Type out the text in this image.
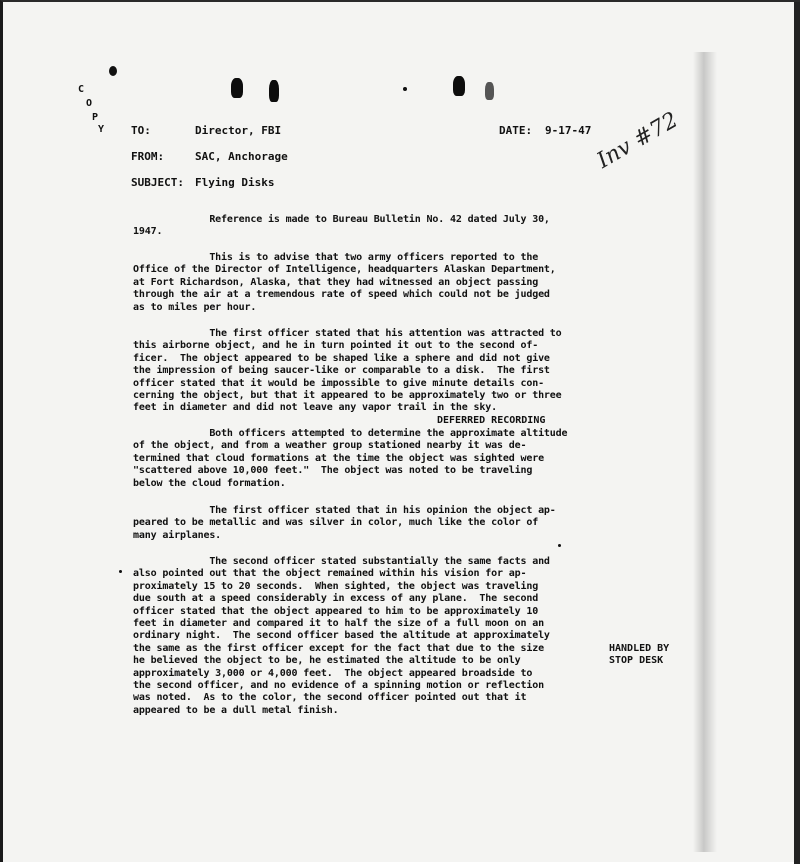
C
O
P
Y TO:	Director, FBI	DATE: 9-17-47
FROM:	SAC, Anchorage
SUBJECT: Flying Disks
Inv #72
Reference is made to Bureau Bulletin No. 42 dated July 30,
1947.
This is to advise that two army officers reported to the
Office of the Director of Intelligence, headquarters Alaskan Department,
at Fort Richardson, Alaska, that they had witnessed an object passing
through the air at a tremendous rate of speed which could not be judged
as to miles per hour.
The first officer stated that his attention was attracted to
this airborne object, and he in turn pointed it out to the second of-
ficer.  The object appeared to be shaped like a sphere and did not give
the impression of being saucer-like or comparable to a disk.  The first
officer stated that it would be impossible to give minute details con-
cerning the object, but that it appeared to be approximately two or three
feet in diameter and did not leave any vapor trail in the sky.
DEFERRED RECORDING
Both officers attempted to determine the approximate altitude
of the object, and from a weather group stationed nearby it was de-
termined that cloud formations at the time the object was sighted were
"scattered above 10,000 feet."  The object was noted to be traveling
below the cloud formation.
The first officer stated that in his opinion the object ap-
peared to be metallic and was silver in color, much like the color of
many airplanes.
The second officer stated substantially the same facts and
also pointed out that the object remained within his vision for ap-
proximately 15 to 20 seconds.  When sighted, the object was traveling
due south at a speed considerably in excess of any plane.  The second
officer stated that the object appeared to him to be approximately 10
feet in diameter and compared it to half the size of a full moon on an
ordinary night.  The second officer based the altitude at approximately
the same as the first officer except for the fact that due to the size
he believed the object to be, he estimated the altitude to be only
approximately 3,000 or 4,000 feet.  The object appeared broadside to
the second officer, and no evidence of a spinning motion or reflection
was noted.  As to the color, the second officer pointed out that it
appeared to be a dull metal finish.
HANDLED BY
STOP DESK
